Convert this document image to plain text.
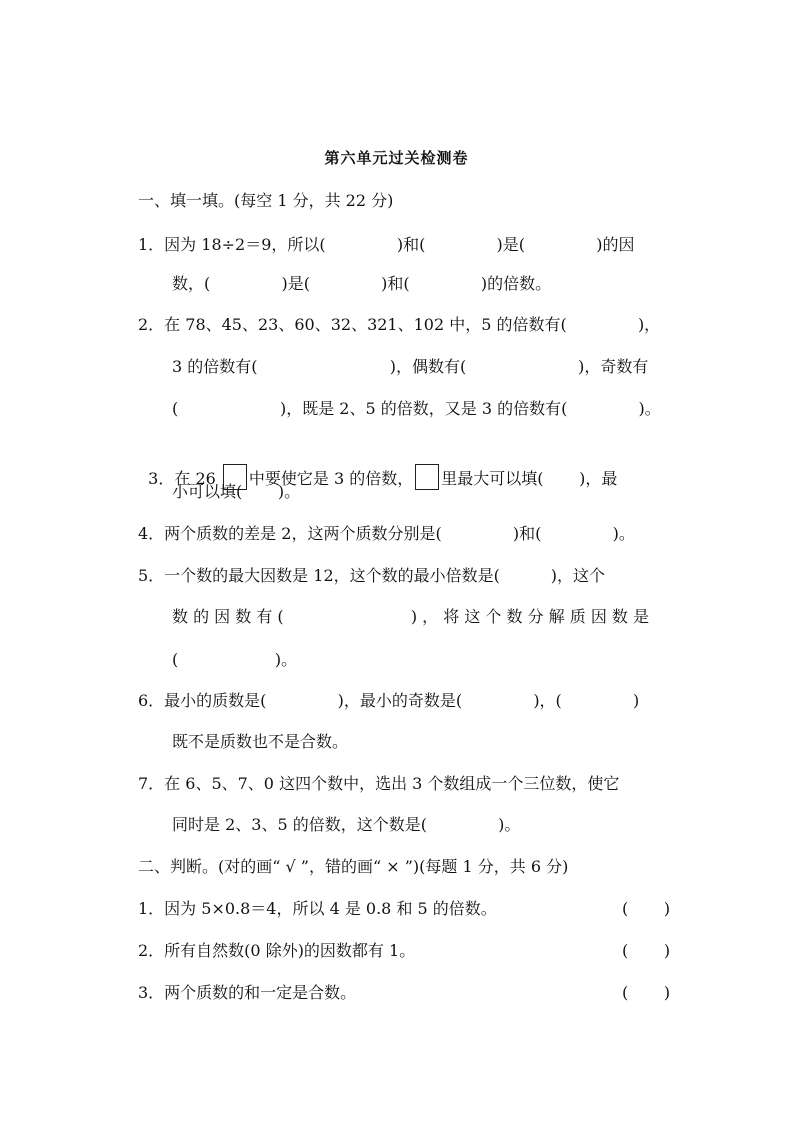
第六单元过关检测卷
一、填一填。(每空 1 分，共 22 分)
1．因为 18÷2＝9，所以(              )和(              )是(              )的因
数，(              )是(              )和(              )的倍数。
2．在 78、45、23、60、32、321、102 中，5 的倍数有(              )，
3 的倍数有(                          )，偶数有(                      )，奇数有
(                    )，既是 2、5 的倍数，又是 3 的倍数有(              )。

3．在 26 中要使它是 3 的倍数， 里最大可以填(       )，最

小可以填(       )。
4．两个质数的差是 2，这两个质数分别是(              )和(              )。
5．一个数的最大因数是 12，这个数的最小倍数是(          )，这个
数 的 因 数 有 (                         ) ， 将 这 个 数 分 解 质 因 数 是
(                   )。
6．最小的质数是(              )，最小的奇数是(              )，(              )
既不是质数也不是合数。
7．在 6、5、7、0 这四个数中，选出 3 个数组成一个三位数，使它
同时是 2、3、5 的倍数，这个数是(              )。
二、判断。(对的画“ √ ”，错的画“ × ”)(每题 1 分，共 6 分)
1．因为 5×0.8＝4，所以 4 是 0.8 和 5 的倍数。	(       )
2．所有自然数(0 除外)的因数都有 1。	(       )
3．两个质数的和一定是合数。	(       )
